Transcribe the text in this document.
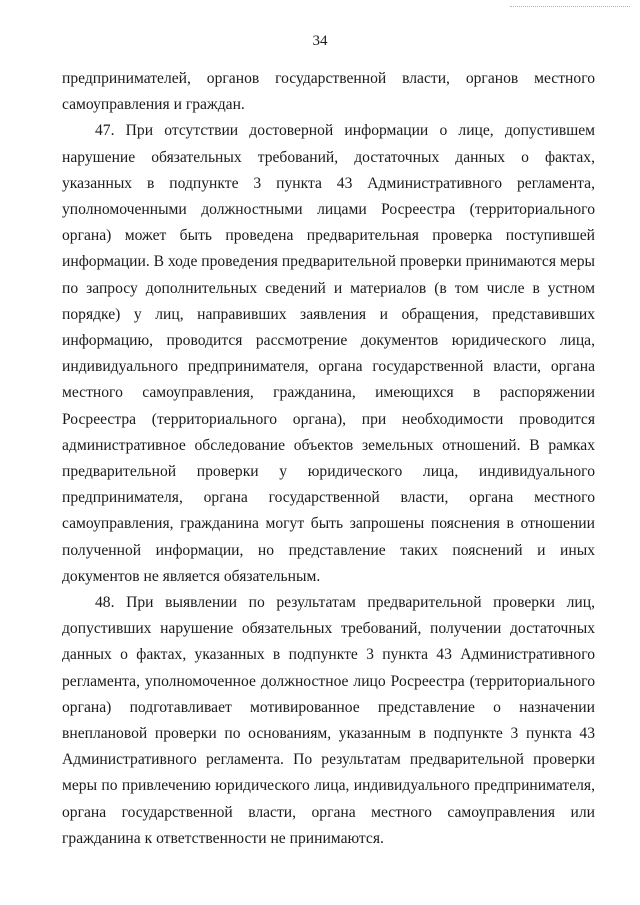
34

предпринимателей, органов государственной власти, органов местного самоуправления и граждан.

47. При отсутствии достоверной информации о лице, допустившем нарушение обязательных требований, достаточных данных о фактах, указанных в подпункте 3 пункта 43 Административного регламента, уполномоченными должностными лицами Росреестра (территориального органа) может быть проведена предварительная проверка поступившей информации. В ходе проведения предварительной проверки принимаются меры по запросу дополнительных сведений и материалов (в том числе в устном порядке) у лиц, направивших заявления и обращения, представивших информацию, проводится рассмотрение документов юридического лица, индивидуального предпринимателя, органа государственной власти, органа местного самоуправления, гражданина, имеющихся в распоряжении Росреестра (территориального органа), при необходимости проводится административное обследование объектов земельных отношений. В рамках предварительной проверки у юридического лица, индивидуального предпринимателя, органа государственной власти, органа местного самоуправления, гражданина могут быть запрошены пояснения в отношении полученной информации, но представление таких пояснений и иных документов не является обязательным.

48. При выявлении по результатам предварительной проверки лиц, допустивших нарушение обязательных требований, получении достаточных данных о фактах, указанных в подпункте 3 пункта 43 Административного регламента, уполномоченное должностное лицо Росреестра (территориального органа) подготавливает мотивированное представление о назначении внеплановой проверки по основаниям, указанным в подпункте 3 пункта 43 Административного регламента. По результатам предварительной проверки меры по привлечению юридического лица, индивидуального предпринимателя, органа государственной власти, органа местного самоуправления или гражданина к ответственности не принимаются.
